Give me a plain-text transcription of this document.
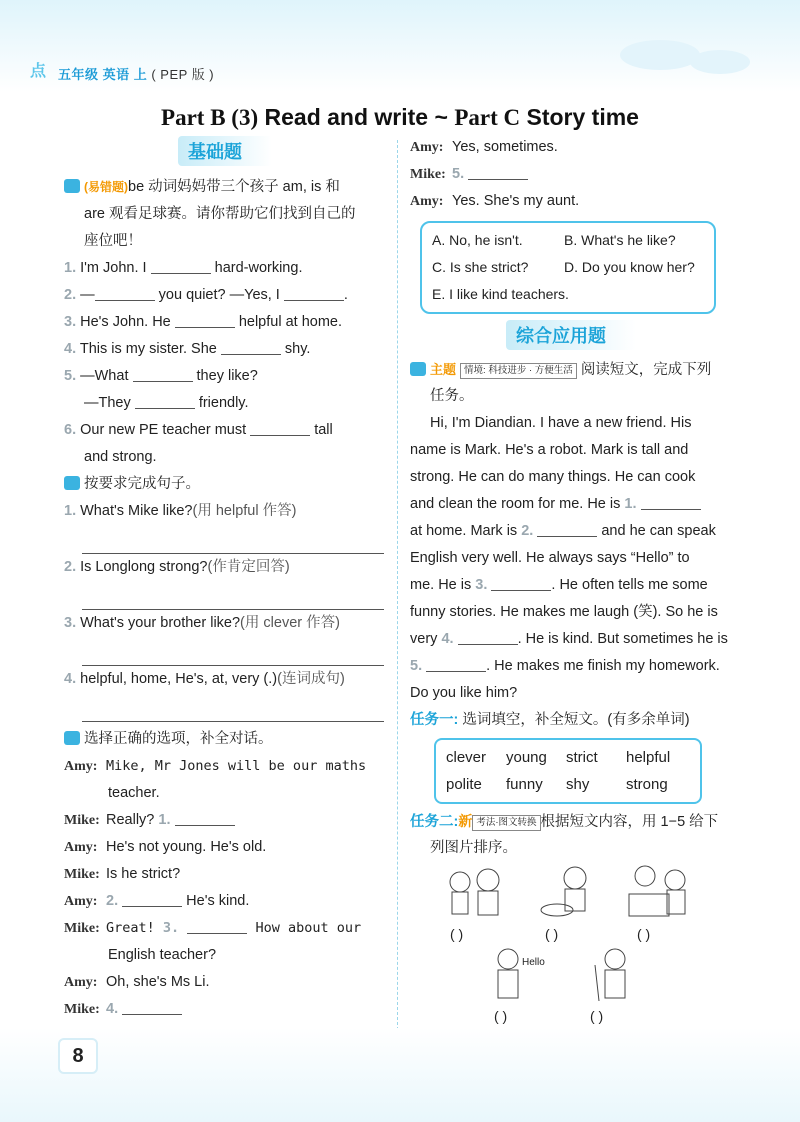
点 五年级 英语 上 ( PEP 版 )
Part B (3) Read and write ~ Part C Story time
基础题
(易错题)be 动词妈妈带三个孩子 am, is 和
are 观看足球赛。请你帮助它们找到自己的
座位吧！
1. I'm John. I	hard-working.
2. —	you quiet? —Yes, I	.
3. He's John. He	helpful at home.
4. This is my sister. She	shy.
5. —What	they like?
—They	friendly.
6. Our new PE teacher must	tall
and strong.
按要求完成句子。
1. What's Mike like?(用 helpful 作答)
2. Is Longlong strong?(作肯定回答)
3. What's your brother like?(用 clever 作答)
4. helpful, home, He's, at, very (.)(连词成句)
选择正确的选项，补全对话。
Amy: Mike, Mr Jones will be our maths
teacher.
Mike: Really? 1.
Amy: He's not young. He's old.
Mike: Is he strict?
Amy: 2.	He's kind.
Mike: Great! 3.	How about our
English teacher?
Amy: Oh, she's Ms Li.
Mike: 4.
Amy: Yes, sometimes.
Mike: 5.
Amy: Yes. She's my aunt.
A. No, he isn't.	B. What's he like?
C. Is she strict?	D. Do you know her?
E. I like kind teachers.
综合应用题
主题 情境: 科技进步 · 方便生活 阅读短文，完成下列
任务。
Hi, I'm Diandian. I have a new friend. His
name is Mark. He's a robot. Mark is tall and
strong. He can do many things. He can cook
and clean the room for me. He is 1.
at home. Mark is 2.	and he can speak
English very well. He always says “Hello” to
me. He is 3.	. He often tells me some
funny stories. He makes me laugh (笑). So he is
very 4.	. He is kind. But sometimes he is
5.	. He makes me finish my homework.
Do you like him?
任务一: 选词填空，补全短文。(有多余单词)
clever young strict helpful
polite funny shy strong
任务二:新 考法·图文转换 根据短文内容，用 1−5 给下
列图片排序。
Hello
( )	( )	( )
( )	( )
8
